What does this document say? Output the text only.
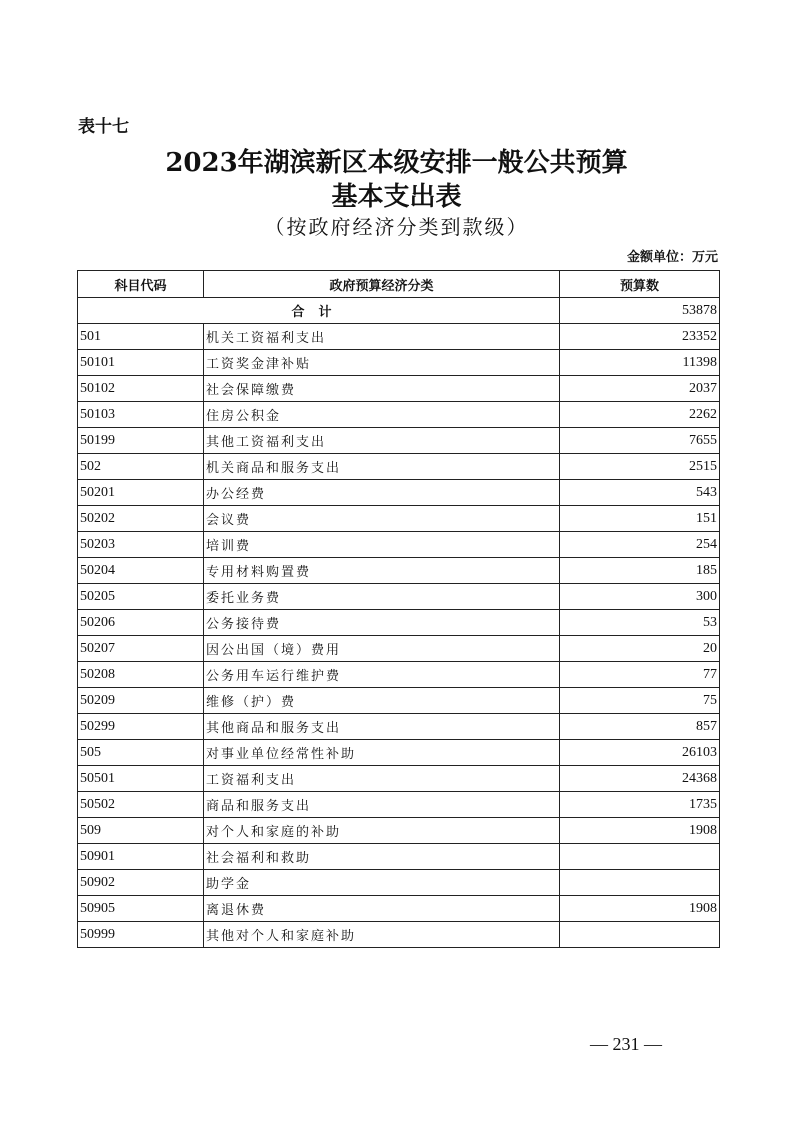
表十七
2023年湖滨新区本级安排一般公共预算
基本支出表
（按政府经济分类到款级）
金额单位：万元
科目代码	政府预算经济分类	预算数
合计		53878
501	机关工资福利支出	23352
50101	工资奖金津补贴	11398
50102	社会保障缴费	2037
50103	住房公积金	2262
50199	其他工资福利支出	7655
502	机关商品和服务支出	2515
50201	办公经费	543
50202	会议费	151
50203	培训费	254
50204	专用材料购置费	185
50205	委托业务费	300
50206	公务接待费	53
50207	因公出国（境）费用	20
50208	公务用车运行维护费	77
50209	维修（护）费	75
50299	其他商品和服务支出	857
505	对事业单位经常性补助	26103
50501	工资福利支出	24368
50502	商品和服务支出	1735
509	对个人和家庭的补助	1908
50901	社会福利和救助	
50902	助学金	
50905	离退休费	1908
50999	其他对个人和家庭补助	
— 231 —
